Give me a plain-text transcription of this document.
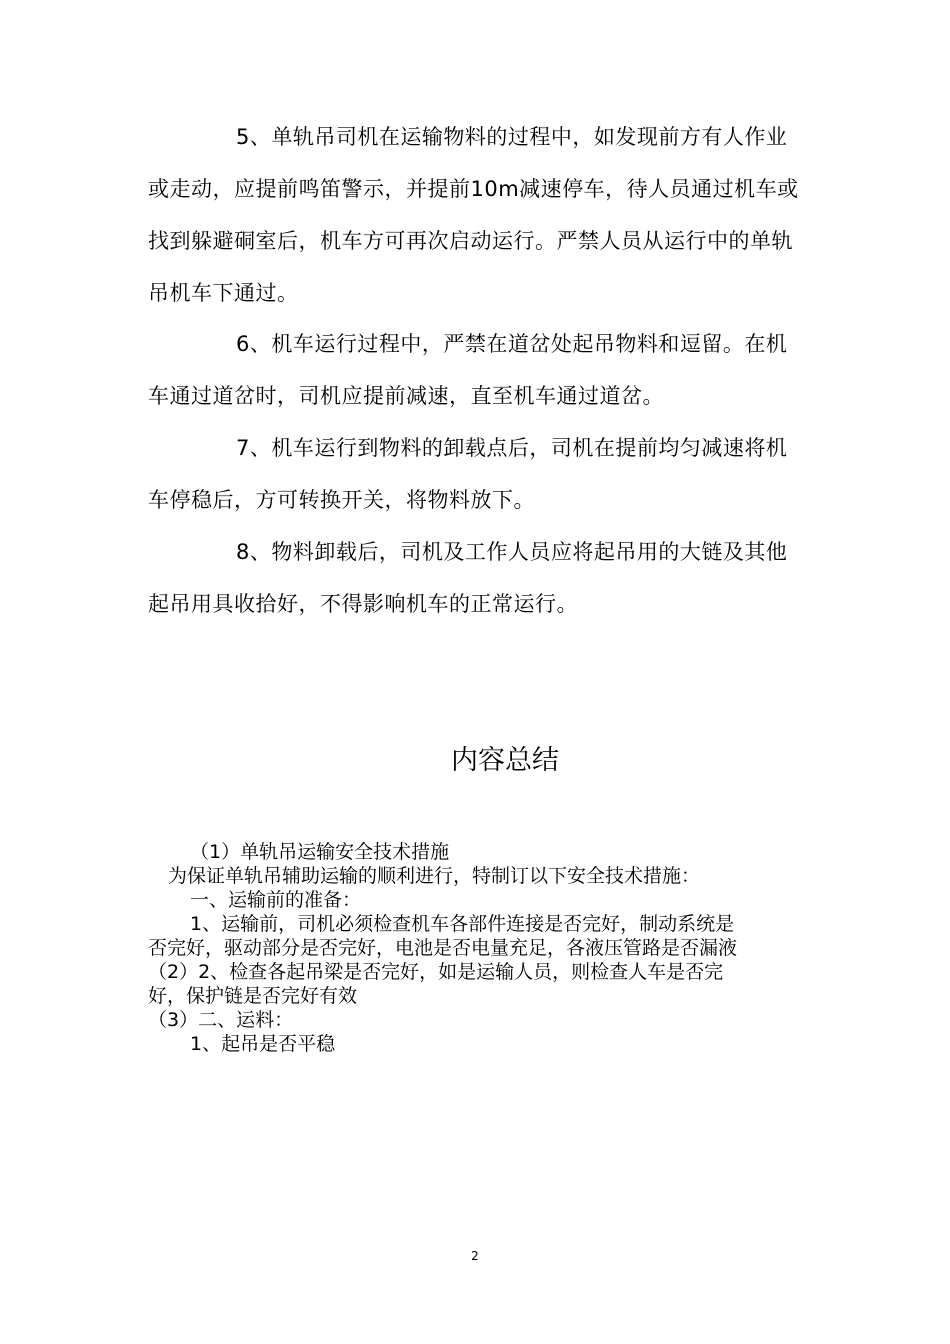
5、单轨吊司机在运输物料的过程中，如发现前方有人作业或走动，应提前鸣笛警示，并提前10m减速停车，待人员通过机车或找到躲避硐室后，机车方可再次启动运行。严禁人员从运行中的单轨吊机车下通过。

6、机车运行过程中，严禁在道岔处起吊物料和逗留。在机车通过道岔时，司机应提前减速，直至机车通过道岔。

7、机车运行到物料的卸载点后，司机在提前均匀减速将机车停稳后，方可转换开关，将物料放下。

8、物料卸载后，司机及工作人员应将起吊用的大链及其他起吊用具收拾好，不得影响机车的正常运行。

内容总结
（1）单轨吊运输安全技术措施
为保证单轨吊辅助运输的顺利进行，特制订以下安全技术措施：
一、运输前的准备：
1、运输前，司机必须检查机车各部件连接是否完好，制动系统是
否完好，驱动部分是否完好，电池是否电量充足，各液压管路是否漏液
（2）2、检查各起吊梁是否完好，如是运输人员，则检查人车是否完
好，保护链是否完好有效
（3）二、运料：
1、起吊是否平稳
2
